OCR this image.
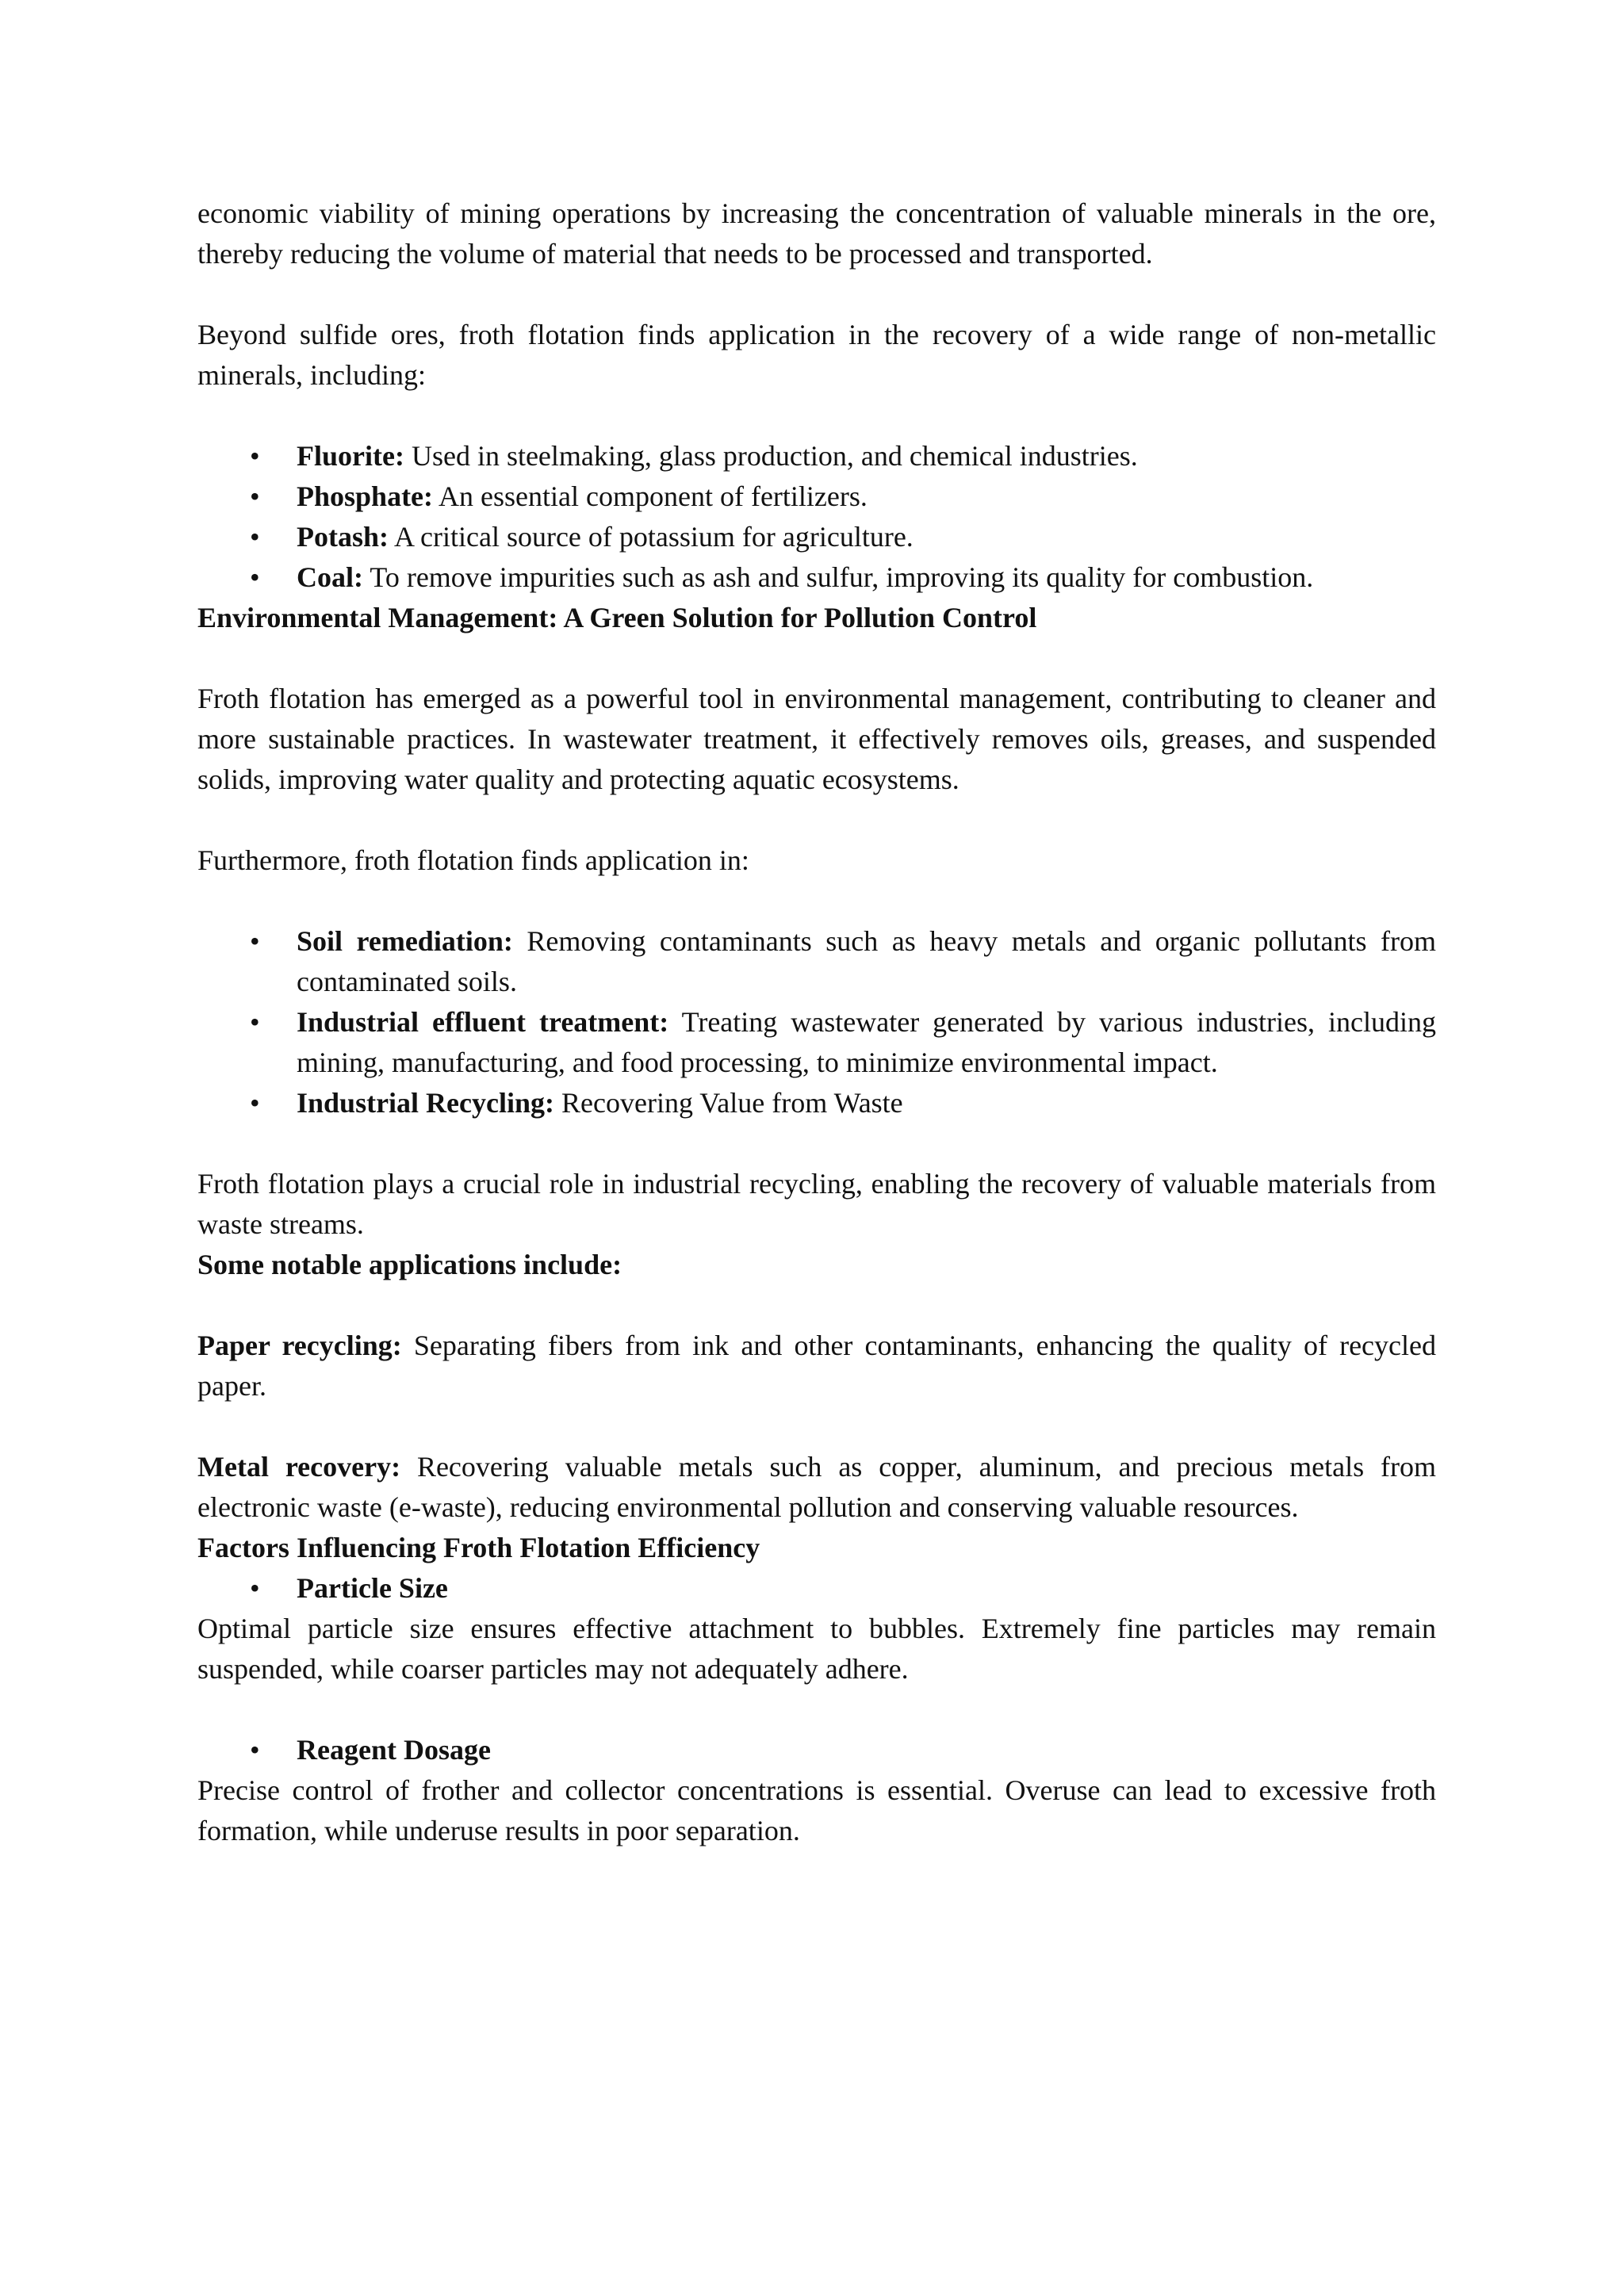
economic viability of mining operations by increasing the concentration of valuable minerals in the ore, thereby reducing the volume of material that needs to be processed and transported.

Beyond sulfide ores, froth flotation finds application in the recovery of a wide range of non-metallic minerals, including:

•	Fluorite: Used in steelmaking, glass production, and chemical industries.
•	Phosphate: An essential component of fertilizers.
•	Potash: A critical source of potassium for agriculture.
•	Coal: To remove impurities such as ash and sulfur, improving its quality for combustion.

Environmental Management: A Green Solution for Pollution Control

Froth flotation has emerged as a powerful tool in environmental management, contributing to cleaner and more sustainable practices. In wastewater treatment, it effectively removes oils, greases, and suspended solids, improving water quality and protecting aquatic ecosystems.

Furthermore, froth flotation finds application in:

•	Soil remediation: Removing contaminants such as heavy metals and organic pollutants from contaminated soils.
•	Industrial effluent treatment: Treating wastewater generated by various industries, including mining, manufacturing, and food processing, to minimize environmental impact.
•	Industrial Recycling: Recovering Value from Waste

Froth flotation plays a crucial role in industrial recycling, enabling the recovery of valuable materials from waste streams.

Some notable applications include:

Paper recycling: Separating fibers from ink and other contaminants, enhancing the quality of recycled paper.

Metal recovery: Recovering valuable metals such as copper, aluminum, and precious metals from electronic waste (e-waste), reducing environmental pollution and conserving valuable resources.

Factors Influencing Froth Flotation Efficiency

•	Particle Size

Optimal particle size ensures effective attachment to bubbles. Extremely fine particles may remain suspended, while coarser particles may not adequately adhere.

•	Reagent Dosage

Precise control of frother and collector concentrations is essential. Overuse can lead to excessive froth formation, while underuse results in poor separation.
